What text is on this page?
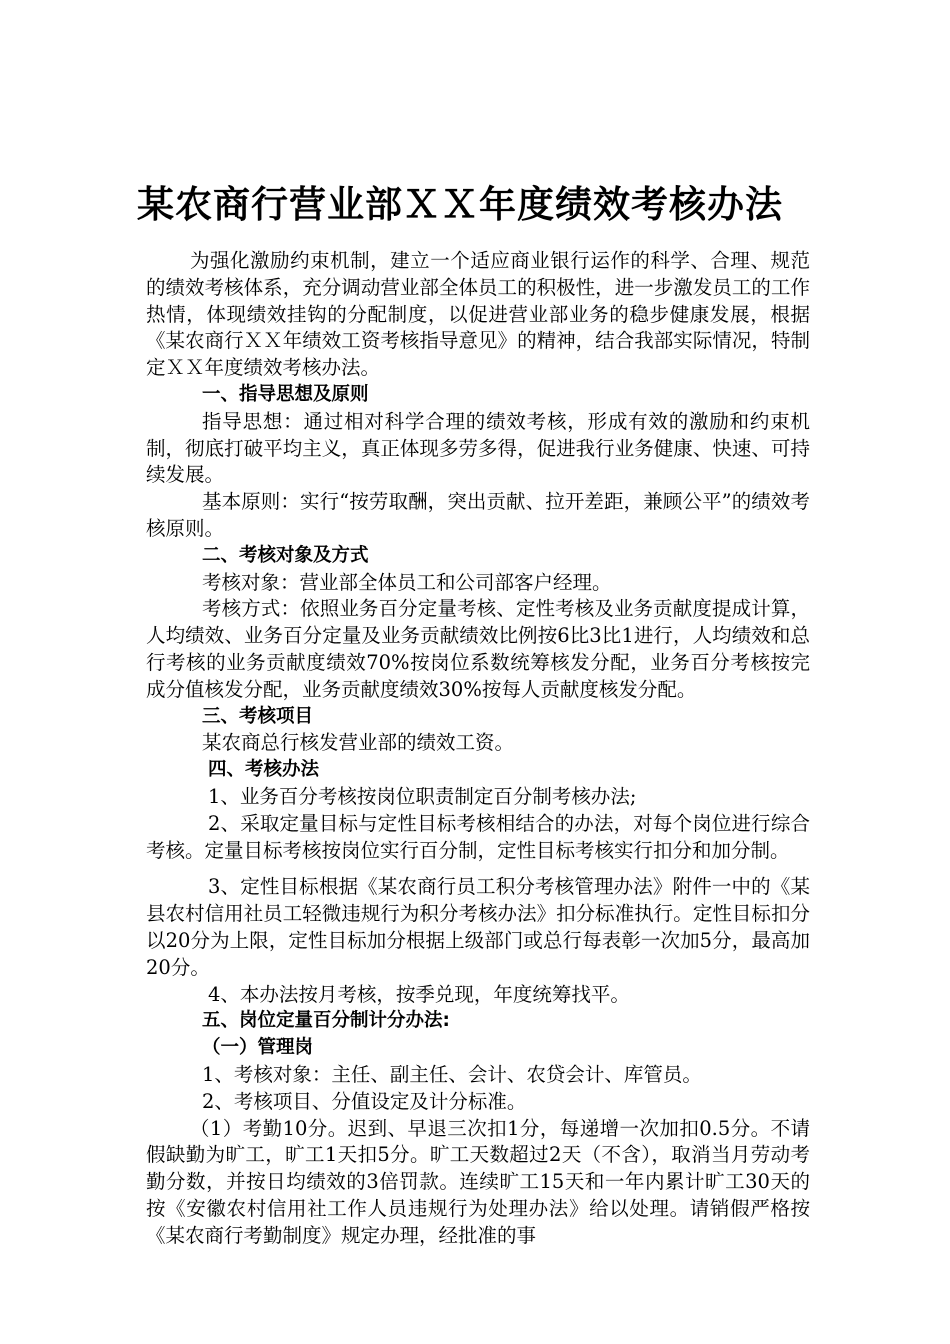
某农商行营业部ＸＸ年度绩效考核办法

为强化激励约束机制，建立一个适应商业银行运作的科学、合理、规范的绩效考核体系，充分调动营业部全体员工的积极性，进一步激发员工的工作热情，体现绩效挂钩的分配制度，以促进营业部业务的稳步健康发展，根据《某农商行ＸＸ年绩效工资考核指导意见》的精神，结合我部实际情况，特制定ＸＸ年度绩效考核办法。

一、指导思想及原则

指导思想：通过相对科学合理的绩效考核，形成有效的激励和约束机制，彻底打破平均主义，真正体现多劳多得，促进我行业务健康、快速、可持续发展。

基本原则：实行“按劳取酬，突出贡献、拉开差距，兼顾公平”的绩效考核原则。

二、考核对象及方式

考核对象：营业部全体员工和公司部客户经理。

考核方式：依照业务百分定量考核、定性考核及业务贡献度提成计算，人均绩效、业务百分定量及业务贡献绩效比例按6比3比1进行，人均绩效和总行考核的业务贡献度绩效70%按岗位系数统筹核发分配，业务百分考核按完成分值核发分配，业务贡献度绩效30%按每人贡献度核发分配。

三、考核项目

某农商总行核发营业部的绩效工资。

四、考核办法

1、业务百分考核按岗位职责制定百分制考核办法;

2、采取定量目标与定性目标考核相结合的办法，对每个岗位进行综合考核。定量目标考核按岗位实行百分制，定性目标考核实行扣分和加分制。

3、定性目标根据《某农商行员工积分考核管理办法》附件一中的《某县农村信用社员工轻微违规行为积分考核办法》扣分标准执行。定性目标扣分以20分为上限，定性目标加分根据上级部门或总行每表彰一次加5分，最高加20分。

4、本办法按月考核，按季兑现，年度统筹找平。

五、岗位定量百分制计分办法:

（一）管理岗

1、考核对象：主任、副主任、会计、农贷会计、库管员。

2、考核项目、分值设定及计分标准。

（1）考勤10分。迟到、早退三次扣1分，每递增一次加扣0.5分。不请假缺勤为旷工，旷工1天扣5分。旷工天数超过2天（不含），取消当月劳动考勤分数，并按日均绩效的3倍罚款。连续旷工15天和一年内累计旷工30天的按《安徽农村信用社工作人员违规行为处理办法》给以处理。请销假严格按《某农商行考勤制度》规定办理，经批准的事
